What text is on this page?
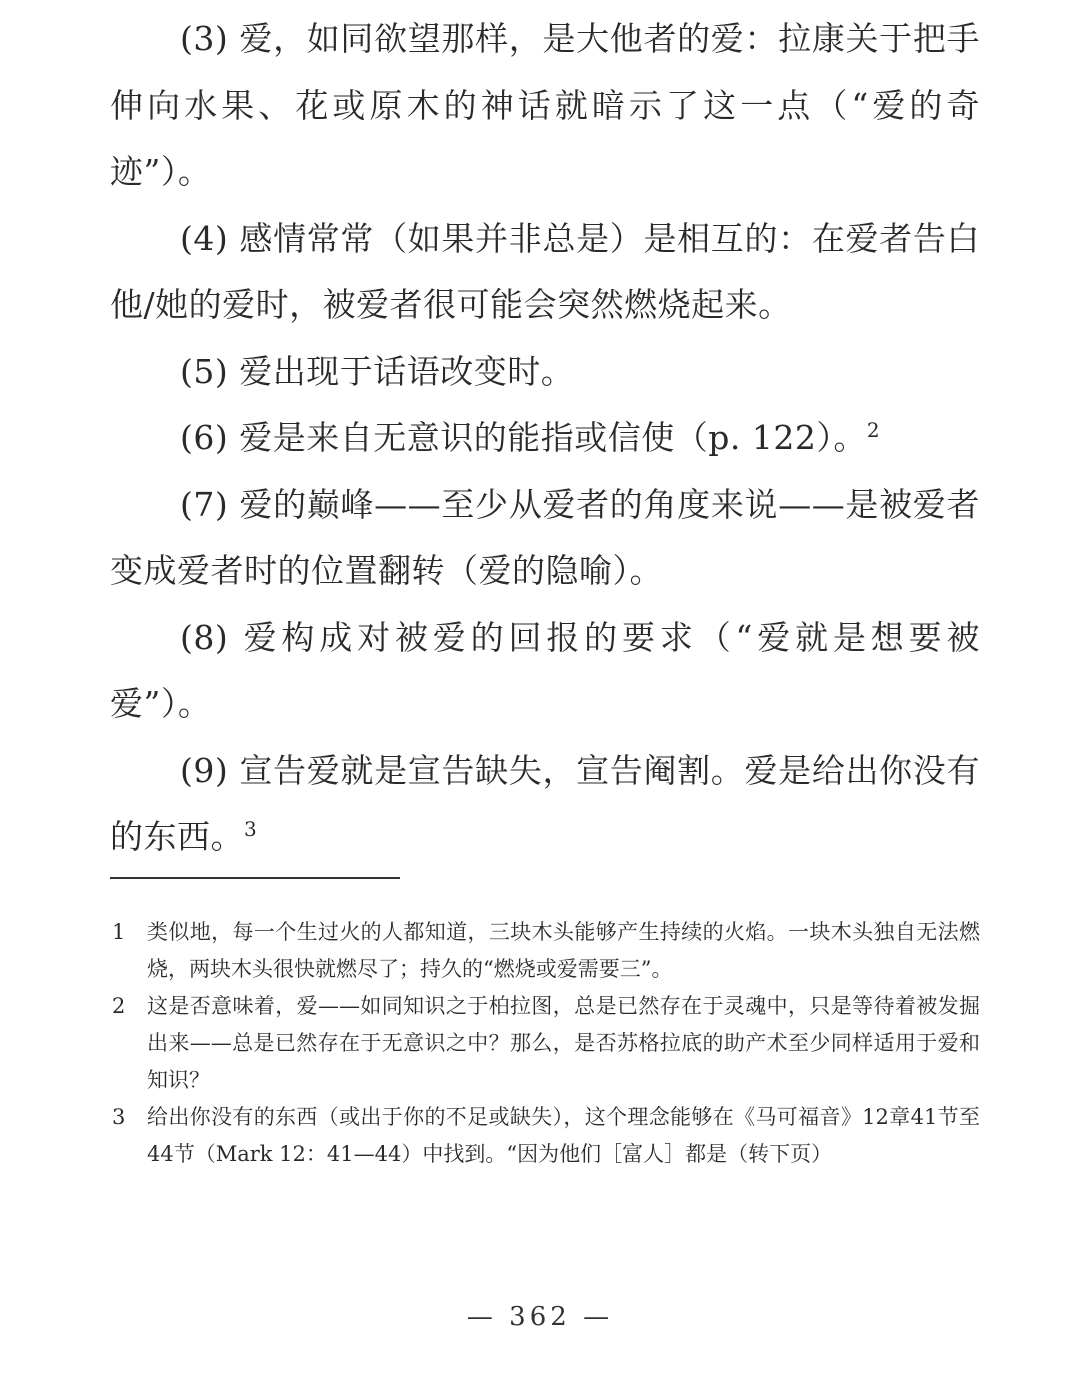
(3) 爱，如同欲望那样，是大他者的爱：拉康关于把手伸向水果、花或原木的神话就暗示了这一点（“爱的奇迹”）。

(4) 感情常常（如果并非总是）是相互的：在爱者告白他/她的爱时，被爱者很可能会突然燃烧起来。

(5) 爱出现于话语改变时。

(6) 爱是来自无意识的能指或信使（p. 122）。$^2$

(7) 爱的巅峰——至少从爱者的角度来说——是被爱者变成爱者时的位置翻转（爱的隐喻）。

(8) 爱构成对被爱的回报的要求（“爱就是想要被爱”）。

(9) 宣告爱就是宣告缺失，宣告阉割。爱是给出你没有的东西。$^3$

1 类似地，每一个生过火的人都知道，三块木头能够产生持续的火焰。一块木头独自无法燃烧，两块木头很快就燃尽了；持久的“燃烧或爱需要三”。

2 这是否意味着，爱——如同知识之于柏拉图，总是已然存在于灵魂中，只是等待着被发掘出来——总是已然存在于无意识之中？那么，是否苏格拉底的助产术至少同样适用于爱和知识？

3 给出你没有的东西（或出于你的不足或缺失），这个理念能够在《马可福音》12章41节至44节（Mark 12：41—44）中找到。“因为他们［富人］都是（转下页）

— 362 —
